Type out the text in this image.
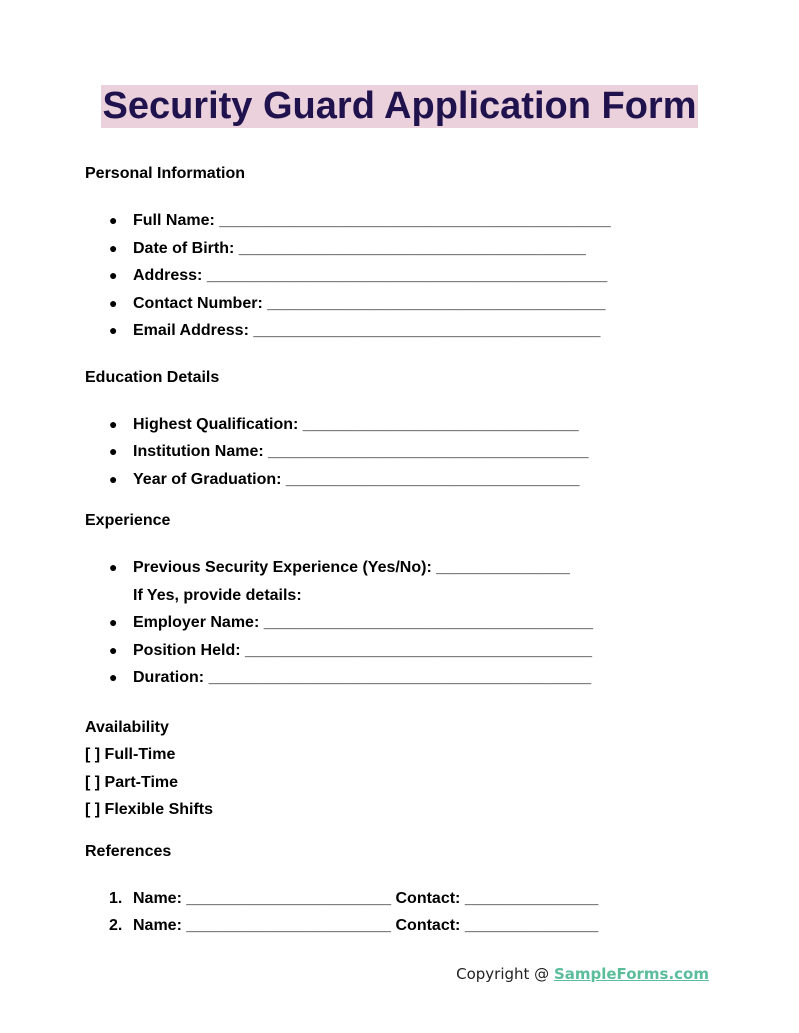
Security Guard Application Form
Personal Information
● Full Name: ____________________________________________
● Date of Birth: _______________________________________
● Address: _____________________________________________
● Contact Number: ______________________________________
● Email Address: _______________________________________
Education Details
● Highest Qualification: _______________________________
● Institution Name: ____________________________________
● Year of Graduation: _________________________________
Experience
● Previous Security Experience (Yes/No): _______________
If Yes, provide details:
● Employer Name: _____________________________________
● Position Held: _______________________________________
● Duration: ___________________________________________
Availability
[ ] Full-Time
[ ] Part-Time
[ ] Flexible Shifts
References
1. Name: _______________________ Contact: _______________
2. Name: _______________________ Contact: _______________
Copyright @ SampleForms.com
